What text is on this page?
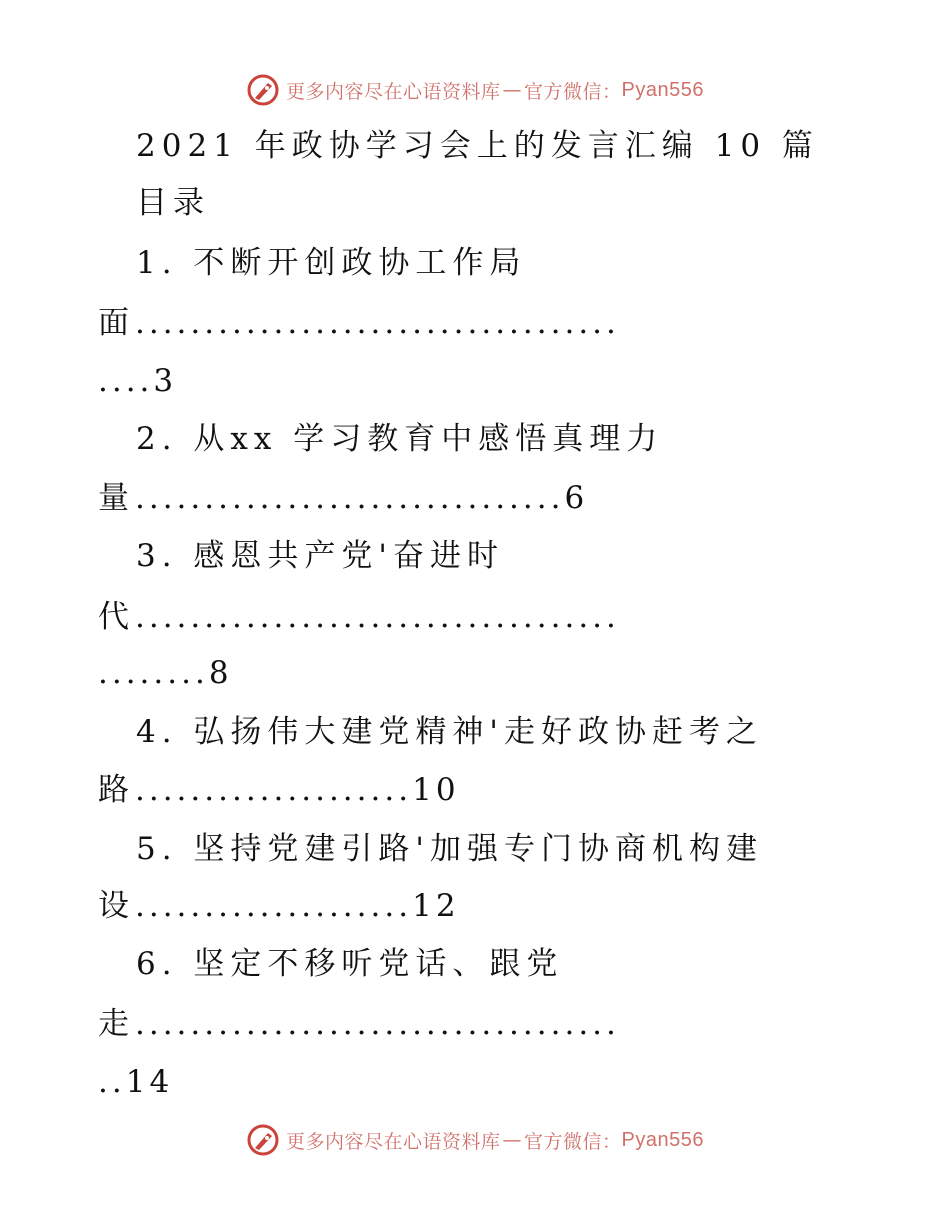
更多内容尽在心语资料库 — 官方微信： Pyan556
2021 年政协学习会上的发言汇编 10 篇
目录
1. 不断开创政协工作局
面...................................
....3
2. 从xx 学习教育中感悟真理力
量...............................6
3. 感恩共产党'奋进时
代...................................
........8
4. 弘扬伟大建党精神'走好政协赶考之
路....................10
5. 坚持党建引路'加强专门协商机构建
设....................12
6. 坚定不移听党话、跟党
走...................................
..14
更多内容尽在心语资料库 — 官方微信： Pyan556
